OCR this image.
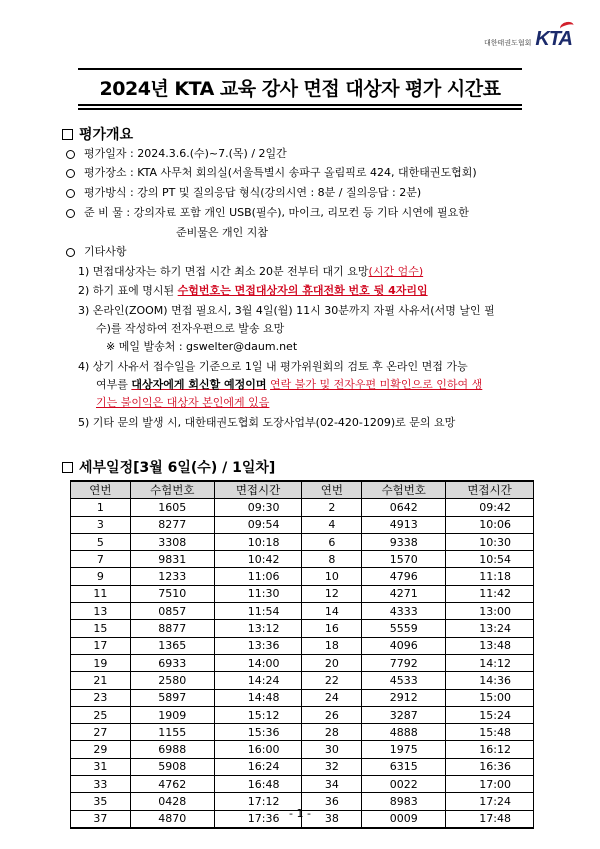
대한태권도협회 KTA
2024년 KTA 교육 강사 면접 대상자 평가 시간표
평가개요
평가일자 : 2024.3.6.(수)~7.(목) / 2일간
평가장소 : KTA 사무처 회의실(서울특별시 송파구 올림픽로 424, 대한태권도협회)
평가방식 : 강의 PT 및 질의응답 형식(강의시연 : 8분 / 질의응답 : 2분)
준 비 물 : 강의자료 포함 개인 USB(필수), 마이크, 리모컨 등 기타 시연에 필요한
준비물은 개인 지참
기타사항
1) 면접대상자는 하기 면접 시간 최소 20분 전부터 대기 요망(시간 엄수)
2) 하기 표에 명시된 수험번호는 면접대상자의 휴대전화 번호 뒷 4자리임
3) 온라인(ZOOM) 면접 필요시, 3월 4일(월) 11시 30분까지 자필 사유서(서명 날인 필
수)를 작성하여 전자우편으로 발송 요망
※ 메일 발송처 : gswelter@daum.net
4) 상기 사유서 접수일을 기준으로 1일 내 평가위원회의 검토 후 온라인 면접 가능
여부를 대상자에게 회신할 예정이며 연락 불가 및 전자우편 미확인으로 인하여 생
기는 불이익은 대상자 본인에게 있음
5) 기타 문의 발생 시, 대한태권도협회 도장사업부(02-420-1209)로 문의 요망
세부일정[3월 6일(수) / 1일차]
연번	수험번호	면접시간	연번	수험번호	면접시간
1	1605	09:30	2	0642	09:42
3	8277	09:54	4	4913	10:06
5	3308	10:18	6	9338	10:30
7	9831	10:42	8	1570	10:54
9	1233	11:06	10	4796	11:18
11	7510	11:30	12	4271	11:42
13	0857	11:54	14	4333	13:00
15	8877	13:12	16	5559	13:24
17	1365	13:36	18	4096	13:48
19	6933	14:00	20	7792	14:12
21	2580	14:24	22	4533	14:36
23	5897	14:48	24	2912	15:00
25	1909	15:12	26	3287	15:24
27	1155	15:36	28	4888	15:48
29	6988	16:00	30	1975	16:12
31	5908	16:24	32	6315	16:36
33	4762	16:48	34	0022	17:00
35	0428	17:12	36	8983	17:24
37	4870	17:36	38	0009	17:48
- 1 -
